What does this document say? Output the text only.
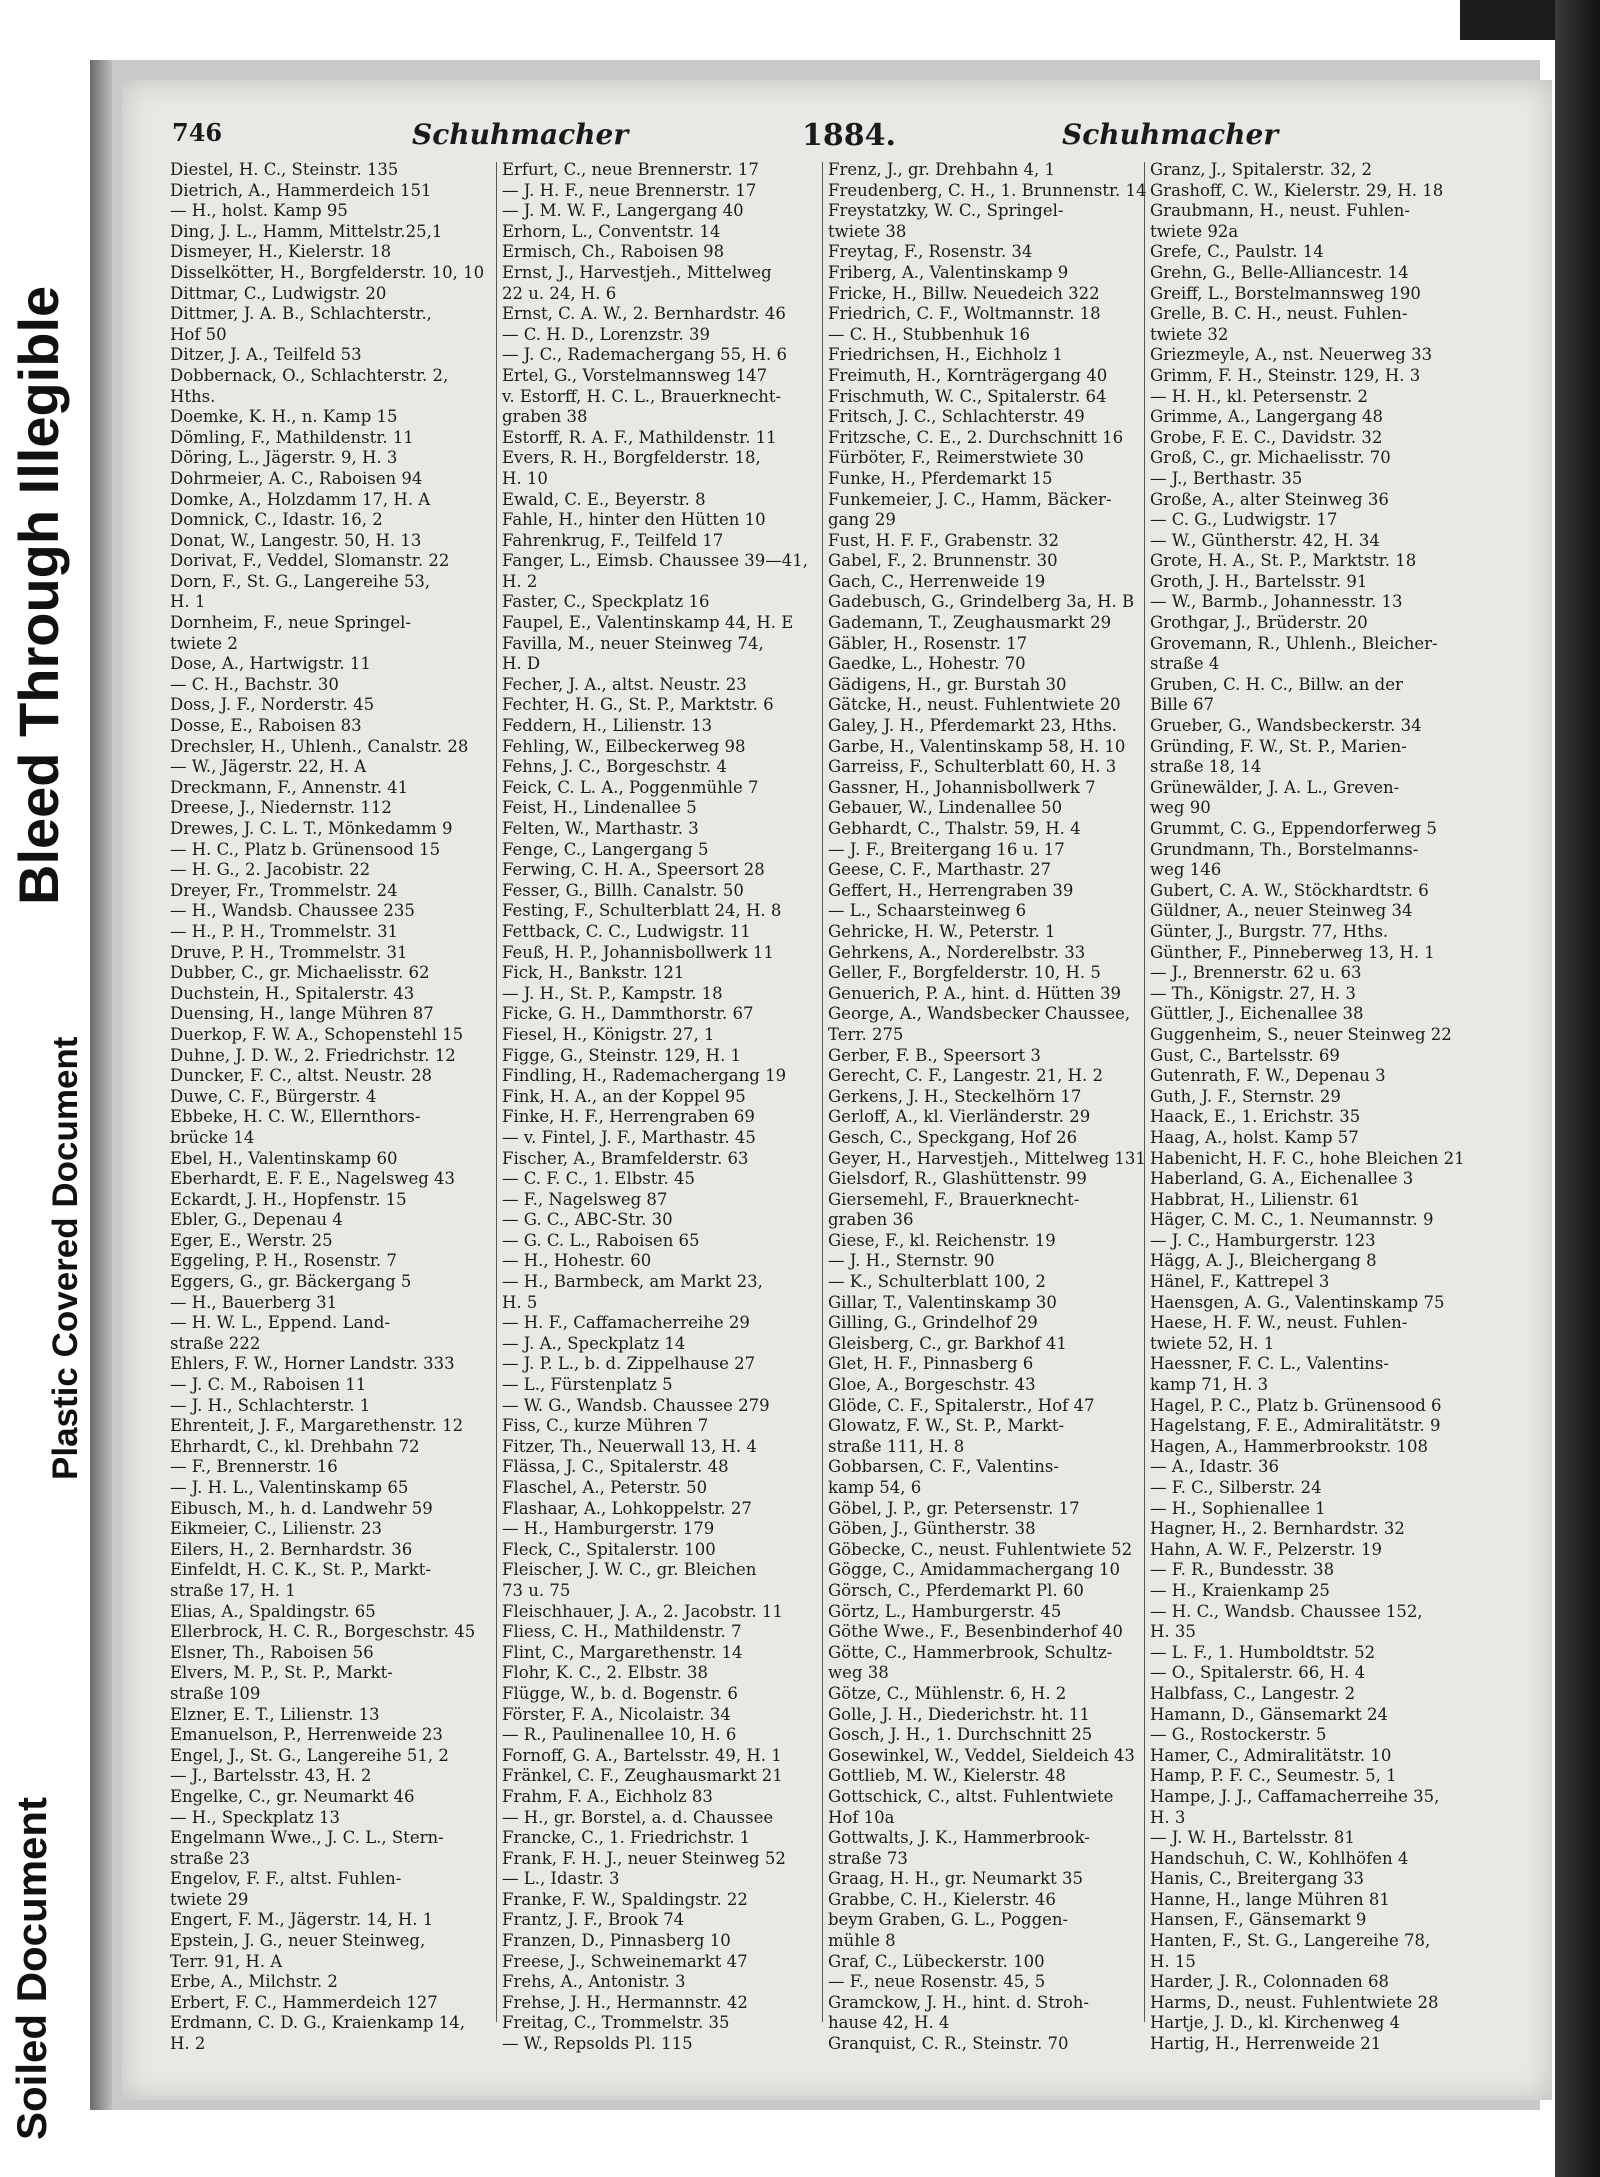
Bleed Through Illegible
Soiled Document
Plastic Covered Document
746	Schuhmacher	1884.	Schuhmacher
Diestel, H. C., Steinstr. 135
Dietrich, A., Hammerdeich 151
— H., holst. Kamp 95
Ding, J. L., Hamm, Mittelstr.25,1
Dismeyer, H., Kielerstr. 18
Disselkötter, H., Borgfelderstr. 10, 10
Dittmar, C., Ludwigstr. 20
Dittmer, J. A. B., Schlachterstr.,
Hof 50
Ditzer, J. A., Teilfeld 53
Dobbernack, O., Schlachterstr. 2,
Hths.
Doemke, K. H., n. Kamp 15
Dömling, F., Mathildenstr. 11
Döring, L., Jägerstr. 9, H. 3
Dohrmeier, A. C., Raboisen 94
Domke, A., Holzdamm 17, H. A
Domnick, C., Idastr. 16, 2
Donat, W., Langestr. 50, H. 13
Dorivat, F., Veddel, Slomanstr. 22
Dorn, F., St. G., Langereihe 53,
H. 1
Dornheim, F., neue Springel-
twiete 2
Dose, A., Hartwigstr. 11
— C. H., Bachstr. 30
Doss, J. F., Norderstr. 45
Dosse, E., Raboisen 83
Drechsler, H., Uhlenh., Canalstr. 28
— W., Jägerstr. 22, H. A
Dreckmann, F., Annenstr. 41
Dreese, J., Niedernstr. 112
Drewes, J. C. L. T., Mönkedamm 9
— H. C., Platz b. Grünensood 15
— H. G., 2. Jacobistr. 22
Dreyer, Fr., Trommelstr. 24
— H., Wandsb. Chaussee 235
— H., P. H., Trommelstr. 31
Druve, P. H., Trommelstr. 31
Dubber, C., gr. Michaelisstr. 62
Duchstein, H., Spitalerstr. 43
Duensing, H., lange Mühren 87
Duerkop, F. W. A., Schopenstehl 15
Duhne, J. D. W., 2. Friedrichstr. 12
Duncker, F. C., altst. Neustr. 28
Duwe, C. F., Bürgerstr. 4
Ebbeke, H. C. W., Ellernthors-
brücke 14
Ebel, H., Valentinskamp 60
Eberhardt, E. F. E., Nagelsweg 43
Eckardt, J. H., Hopfenstr. 15
Ebler, G., Depenau 4
Eger, E., Werstr. 25
Eggeling, P. H., Rosenstr. 7
Eggers, G., gr. Bäckergang 5
— H., Bauerberg 31
— H. W. L., Eppend. Land-
straße 222
Ehlers, F. W., Horner Landstr. 333
— J. C. M., Raboisen 11
— J. H., Schlachterstr. 1
Ehrenteit, J. F., Margarethenstr. 12
Ehrhardt, C., kl. Drehbahn 72
— F., Brennerstr. 16
— J. H. L., Valentinskamp 65
Eibusch, M., h. d. Landwehr 59
Eikmeier, C., Lilienstr. 23
Eilers, H., 2. Bernhardstr. 36
Einfeldt, H. C. K., St. P., Markt-
straße 17, H. 1
Elias, A., Spaldingstr. 65
Ellerbrock, H. C. R., Borgeschstr. 45
Elsner, Th., Raboisen 56
Elvers, M. P., St. P., Markt-
straße 109
Elzner, E. T., Lilienstr. 13
Emanuelson, P., Herrenweide 23
Engel, J., St. G., Langereihe 51, 2
— J., Bartelsstr. 43, H. 2
Engelke, C., gr. Neumarkt 46
— H., Speckplatz 13
Engelmann Wwe., J. C. L., Stern-
straße 23
Engelov, F. F., altst. Fuhlen-
twiete 29
Engert, F. M., Jägerstr. 14, H. 1
Epstein, J. G., neuer Steinweg,
Terr. 91, H. A
Erbe, A., Milchstr. 2
Erbert, F. C., Hammerdeich 127
Erdmann, C. D. G., Kraienkamp 14,
H. 2
Erfurt, C., neue Brennerstr. 17
— J. H. F., neue Brennerstr. 17
— J. M. W. F., Langergang 40
Erhorn, L., Conventstr. 14
Ermisch, Ch., Raboisen 98
Ernst, J., Harvestjeh., Mittelweg
22 u. 24, H. 6
Ernst, C. A. W., 2. Bernhardstr. 46
— C. H. D., Lorenzstr. 39
— J. C., Rademachergang 55, H. 6
Ertel, G., Vorstelmannsweg 147
v. Estorff, H. C. L., Brauerknecht-
graben 38
Estorff, R. A. F., Mathildenstr. 11
Evers, R. H., Borgfelderstr. 18,
H. 10
Ewald, C. E., Beyerstr. 8
Fahle, H., hinter den Hütten 10
Fahrenkrug, F., Teilfeld 17
Fanger, L., Eimsb. Chaussee 39—41,
H. 2
Faster, C., Speckplatz 16
Faupel, E., Valentinskamp 44, H. E
Favilla, M., neuer Steinweg 74,
H. D
Fecher, J. A., altst. Neustr. 23
Fechter, H. G., St. P., Marktstr. 6
Feddern, H., Lilienstr. 13
Fehling, W., Eilbeckerweg 98
Fehns, J. C., Borgeschstr. 4
Feick, C. L. A., Poggenmühle 7
Feist, H., Lindenallee 5
Felten, W., Marthastr. 3
Fenge, C., Langergang 5
Ferwing, C. H. A., Speersort 28
Fesser, G., Billh. Canalstr. 50
Festing, F., Schulterblatt 24, H. 8
Fettback, C. C., Ludwigstr. 11
Feuß, H. P., Johannisbollwerk 11
Fick, H., Bankstr. 121
— J. H., St. P., Kampstr. 18
Ficke, G. H., Dammthorstr. 67
Fiesel, H., Königstr. 27, 1
Figge, G., Steinstr. 129, H. 1
Findling, H., Rademachergang 19
Fink, H. A., an der Koppel 95
Finke, H. F., Herrengraben 69
— v. Fintel, J. F., Marthastr. 45
Fischer, A., Bramfelderstr. 63
— C. F. C., 1. Elbstr. 45
— F., Nagelsweg 87
— G. C., ABC-Str. 30
— G. C. L., Raboisen 65
— H., Hohestr. 60
— H., Barmbeck, am Markt 23,
H. 5
— H. F., Caffamacherreihe 29
— J. A., Speckplatz 14
— J. P. L., b. d. Zippelhause 27
— L., Fürstenplatz 5
— W. G., Wandsb. Chaussee 279
Fiss, C., kurze Mühren 7
Fitzer, Th., Neuerwall 13, H. 4
Flässa, J. C., Spitalerstr. 48
Flaschel, A., Peterstr. 50
Flashaar, A., Lohkoppelstr. 27
— H., Hamburgerstr. 179
Fleck, C., Spitalerstr. 100
Fleischer, J. W. C., gr. Bleichen
73 u. 75
Fleischhauer, J. A., 2. Jacobstr. 11
Fliess, C. H., Mathildenstr. 7
Flint, C., Margarethenstr. 14
Flohr, K. C., 2. Elbstr. 38
Flügge, W., b. d. Bogenstr. 6
Förster, F. A., Nicolaistr. 34
— R., Paulinenallee 10, H. 6
Fornoff, G. A., Bartelsstr. 49, H. 1
Fränkel, C. F., Zeughausmarkt 21
Frahm, F. A., Eichholz 83
— H., gr. Borstel, a. d. Chaussee
Francke, C., 1. Friedrichstr. 1
Frank, F. H. J., neuer Steinweg 52
— L., Idastr. 3
Franke, F. W., Spaldingstr. 22
Frantz, J. F., Brook 74
Franzen, D., Pinnasberg 10
Freese, J., Schweinemarkt 47
Frehs, A., Antonistr. 3
Frehse, J. H., Hermannstr. 42
Freitag, C., Trommelstr. 35
— W., Repsolds Pl. 115
Frenz, J., gr. Drehbahn 4, 1
Freudenberg, C. H., 1. Brunnenstr. 14
Freystatzky, W. C., Springel-
twiete 38
Freytag, F., Rosenstr. 34
Friberg, A., Valentinskamp 9
Fricke, H., Billw. Neuedeich 322
Friedrich, C. F., Woltmannstr. 18
— C. H., Stubbenhuk 16
Friedrichsen, H., Eichholz 1
Freimuth, H., Kornträgergang 40
Frischmuth, W. C., Spitalerstr. 64
Fritsch, J. C., Schlachterstr. 49
Fritzsche, C. E., 2. Durchschnitt 16
Fürböter, F., Reimerstwiete 30
Funke, H., Pferdemarkt 15
Funkemeier, J. C., Hamm, Bäcker-
gang 29
Fust, H. F. F., Grabenstr. 32
Gabel, F., 2. Brunnenstr. 30
Gach, C., Herrenweide 19
Gadebusch, G., Grindelberg 3a, H. B
Gademann, T., Zeughausmarkt 29
Gäbler, H., Rosenstr. 17
Gaedke, L., Hohestr. 70
Gädigens, H., gr. Burstah 30
Gätcke, H., neust. Fuhlentwiete 20
Galey, J. H., Pferdemarkt 23, Hths.
Garbe, H., Valentinskamp 58, H. 10
Garreiss, F., Schulterblatt 60, H. 3
Gassner, H., Johannisbollwerk 7
Gebauer, W., Lindenallee 50
Gebhardt, C., Thalstr. 59, H. 4
— J. F., Breitergang 16 u. 17
Geese, C. F., Marthastr. 27
Geffert, H., Herrengraben 39
— L., Schaarsteinweg 6
Gehricke, H. W., Peterstr. 1
Gehrkens, A., Norderelbstr. 33
Geller, F., Borgfelderstr. 10, H. 5
Genuerich, P. A., hint. d. Hütten 39
George, A., Wandsbecker Chaussee,
Terr. 275
Gerber, F. B., Speersort 3
Gerecht, C. F., Langestr. 21, H. 2
Gerkens, J. H., Steckelhörn 17
Gerloff, A., kl. Vierländerstr. 29
Gesch, C., Speckgang, Hof 26
Geyer, H., Harvestjeh., Mittelweg 131
Gielsdorf, R., Glashüttenstr. 99
Giersemehl, F., Brauerknecht-
graben 36
Giese, F., kl. Reichenstr. 19
— J. H., Sternstr. 90
— K., Schulterblatt 100, 2
Gillar, T., Valentinskamp 30
Gilling, G., Grindelhof 29
Gleisberg, C., gr. Barkhof 41
Glet, H. F., Pinnasberg 6
Gloe, A., Borgeschstr. 43
Glöde, C. F., Spitalerstr., Hof 47
Glowatz, F. W., St. P., Markt-
straße 111, H. 8
Gobbarsen, C. F., Valentins-
kamp 54, 6
Göbel, J. P., gr. Petersenstr. 17
Göben, J., Güntherstr. 38
Göbecke, C., neust. Fuhlentwiete 52
Gögge, C., Amidammachergang 10
Görsch, C., Pferdemarkt Pl. 60
Görtz, L., Hamburgerstr. 45
Göthe Wwe., F., Besenbinderhof 40
Götte, C., Hammerbrook, Schultz-
weg 38
Götze, C., Mühlenstr. 6, H. 2
Golle, J. H., Diederichstr. ht. 11
Gosch, J. H., 1. Durchschnitt 25
Gosewinkel, W., Veddel, Sieldeich 43
Gottlieb, M. W., Kielerstr. 48
Gottschick, C., altst. Fuhlentwiete
Hof 10a
Gottwalts, J. K., Hammerbrook-
straße 73
Graag, H. H., gr. Neumarkt 35
Grabbe, C. H., Kielerstr. 46
beym Graben, G. L., Poggen-
mühle 8
Graf, C., Lübeckerstr. 100
— F., neue Rosenstr. 45, 5
Gramckow, J. H., hint. d. Stroh-
hause 42, H. 4
Granquist, C. R., Steinstr. 70
Granz, J., Spitalerstr. 32, 2
Grashoff, C. W., Kielerstr. 29, H. 18
Graubmann, H., neust. Fuhlen-
twiete 92a
Grefe, C., Paulstr. 14
Grehn, G., Belle-Alliancestr. 14
Greiff, L., Borstelmannsweg 190
Grelle, B. C. H., neust. Fuhlen-
twiete 32
Griezmeyle, A., nst. Neuerweg 33
Grimm, F. H., Steinstr. 129, H. 3
— H. H., kl. Petersenstr. 2
Grimme, A., Langergang 48
Grobe, F. E. C., Davidstr. 32
Groß, C., gr. Michaelisstr. 70
— J., Berthastr. 35
Große, A., alter Steinweg 36
— C. G., Ludwigstr. 17
— W., Güntherstr. 42, H. 34
Grote, H. A., St. P., Marktstr. 18
Groth, J. H., Bartelsstr. 91
— W., Barmb., Johannesstr. 13
Grothgar, J., Brüderstr. 20
Grovemann, R., Uhlenh., Bleicher-
straße 4
Gruben, C. H. C., Billw. an der
Bille 67
Grueber, G., Wandsbeckerstr. 34
Gründing, F. W., St. P., Marien-
straße 18, 14
Grünewälder, J. A. L., Greven-
weg 90
Grummt, C. G., Eppendorferweg 5
Grundmann, Th., Borstelmanns-
weg 146
Gubert, C. A. W., Stöckhardtstr. 6
Güldner, A., neuer Steinweg 34
Günter, J., Burgstr. 77, Hths.
Günther, F., Pinneberweg 13, H. 1
— J., Brennerstr. 62 u. 63
— Th., Königstr. 27, H. 3
Güttler, J., Eichenallee 38
Guggenheim, S., neuer Steinweg 22
Gust, C., Bartelsstr. 69
Gutenrath, F. W., Depenau 3
Guth, J. F., Sternstr. 29
Haack, E., 1. Erichstr. 35
Haag, A., holst. Kamp 57
Habenicht, H. F. C., hohe Bleichen 21
Haberland, G. A., Eichenallee 3
Habbrat, H., Lilienstr. 61
Häger, C. M. C., 1. Neumannstr. 9
— J. C., Hamburgerstr. 123
Hägg, A. J., Bleichergang 8
Hänel, F., Kattrepel 3
Haensgen, A. G., Valentinskamp 75
Haese, H. F. W., neust. Fuhlen-
twiete 52, H. 1
Haessner, F. C. L., Valentins-
kamp 71, H. 3
Hagel, P. C., Platz b. Grünensood 6
Hagelstang, F. E., Admiralitätstr. 9
Hagen, A., Hammerbrookstr. 108
— A., Idastr. 36
— F. C., Silberstr. 24
— H., Sophienallee 1
Hagner, H., 2. Bernhardstr. 32
Hahn, A. W. F., Pelzerstr. 19
— F. R., Bundesstr. 38
— H., Kraienkamp 25
— H. C., Wandsb. Chaussee 152,
H. 35
— L. F., 1. Humboldtstr. 52
— O., Spitalerstr. 66, H. 4
Halbfass, C., Langestr. 2
Hamann, D., Gänsemarkt 24
— G., Rostockerstr. 5
Hamer, C., Admiralitätstr. 10
Hamp, P. F. C., Seumestr. 5, 1
Hampe, J. J., Caffamacherreihe 35,
H. 3
— J. W. H., Bartelsstr. 81
Handschuh, C. W., Kohlhöfen 4
Hanis, C., Breitergang 33
Hanne, H., lange Mühren 81
Hansen, F., Gänsemarkt 9
Hanten, F., St. G., Langereihe 78,
H. 15
Harder, J. R., Colonnaden 68
Harms, D., neust. Fuhlentwiete 28
Hartje, J. D., kl. Kirchenweg 4
Hartig, H., Herrenweide 21
